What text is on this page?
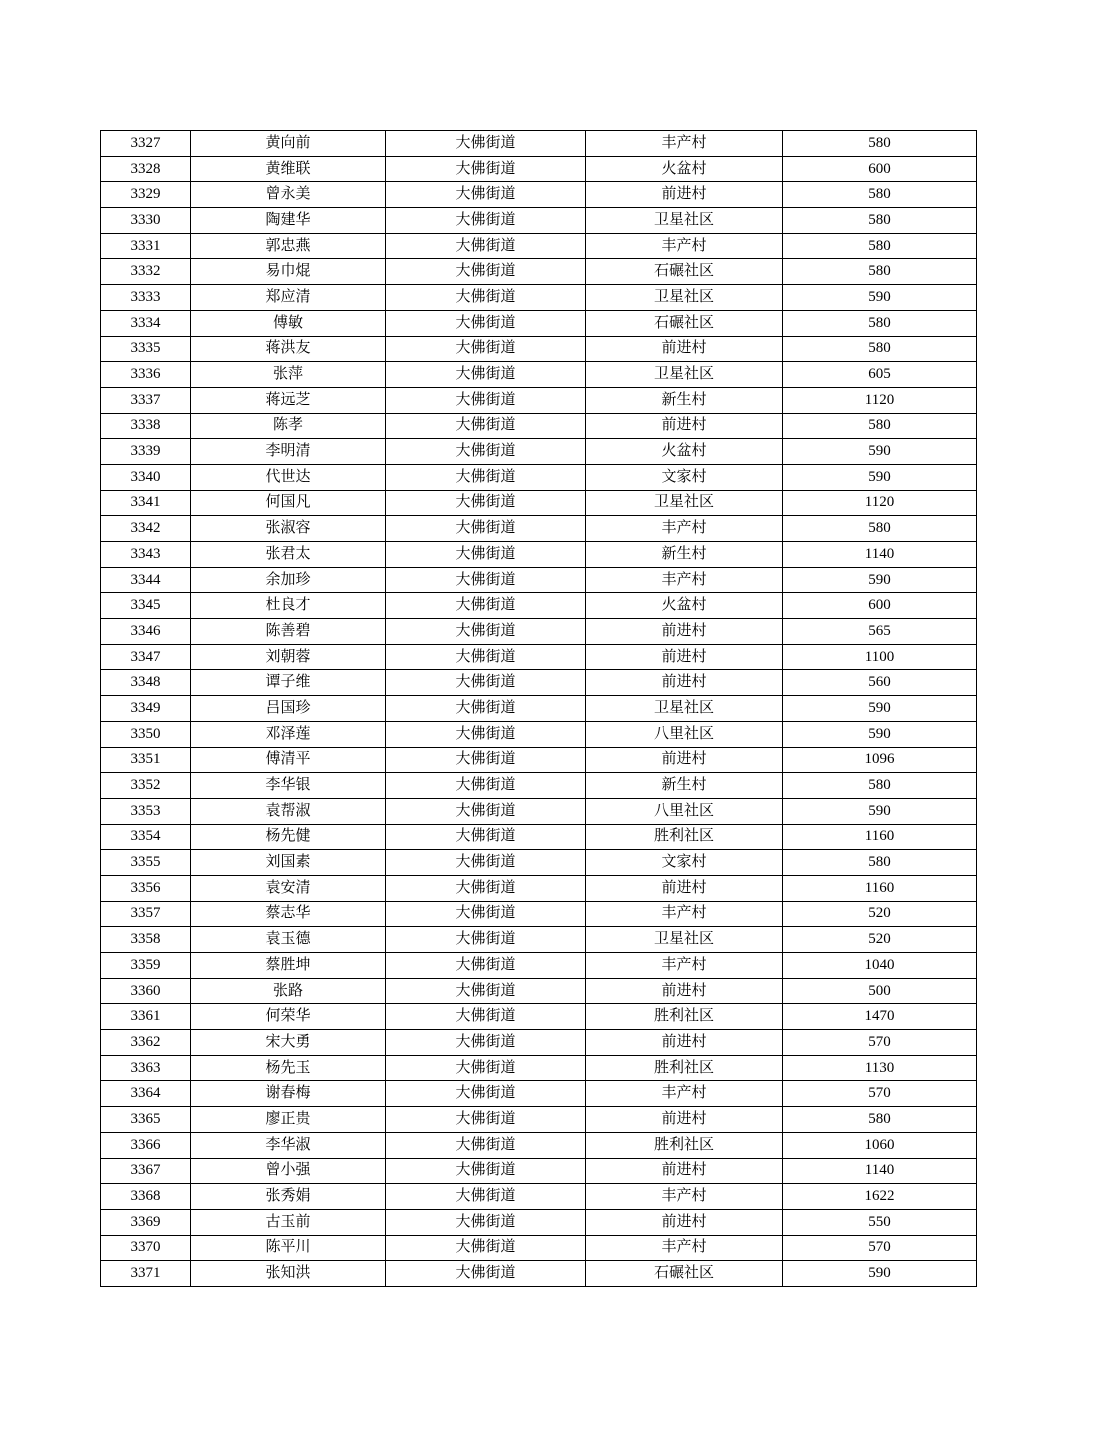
3327	黄向前	大佛街道	丰产村	580
3328	黄维联	大佛街道	火盆村	600
3329	曾永美	大佛街道	前进村	580
3330	陶建华	大佛街道	卫星社区	580
3331	郭忠燕	大佛街道	丰产村	580
3332	易巾焜	大佛街道	石碾社区	580
3333	郑应清	大佛街道	卫星社区	590
3334	傅敏	大佛街道	石碾社区	580
3335	蒋洪友	大佛街道	前进村	580
3336	张萍	大佛街道	卫星社区	605
3337	蒋远芝	大佛街道	新生村	1120
3338	陈孝	大佛街道	前进村	580
3339	李明清	大佛街道	火盆村	590
3340	代世达	大佛街道	文家村	590
3341	何国凡	大佛街道	卫星社区	1120
3342	张淑容	大佛街道	丰产村	580
3343	张君太	大佛街道	新生村	1140
3344	余加珍	大佛街道	丰产村	590
3345	杜良才	大佛街道	火盆村	600
3346	陈善碧	大佛街道	前进村	565
3347	刘朝蓉	大佛街道	前进村	1100
3348	谭子维	大佛街道	前进村	560
3349	吕国珍	大佛街道	卫星社区	590
3350	邓泽莲	大佛街道	八里社区	590
3351	傅清平	大佛街道	前进村	1096
3352	李华银	大佛街道	新生村	580
3353	袁帮淑	大佛街道	八里社区	590
3354	杨先健	大佛街道	胜利社区	1160
3355	刘国素	大佛街道	文家村	580
3356	袁安清	大佛街道	前进村	1160
3357	蔡志华	大佛街道	丰产村	520
3358	袁玉德	大佛街道	卫星社区	520
3359	蔡胜坤	大佛街道	丰产村	1040
3360	张路	大佛街道	前进村	500
3361	何荣华	大佛街道	胜利社区	1470
3362	宋大勇	大佛街道	前进村	570
3363	杨先玉	大佛街道	胜利社区	1130
3364	谢春梅	大佛街道	丰产村	570
3365	廖正贵	大佛街道	前进村	580
3366	李华淑	大佛街道	胜利社区	1060
3367	曾小强	大佛街道	前进村	1140
3368	张秀娟	大佛街道	丰产村	1622
3369	古玉前	大佛街道	前进村	550
3370	陈平川	大佛街道	丰产村	570
3371	张知洪	大佛街道	石碾社区	590
